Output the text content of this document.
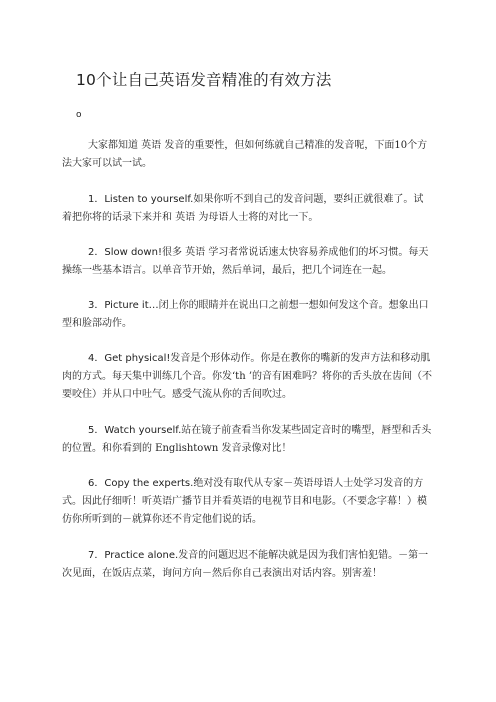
10个让自己英语发音精准的有效方法
o

大家都知道 英语 发音的重要性，但如何练就自己精准的发音呢，下面10个方法大家可以试一试。

1．Listen to yourself.如果你听不到自己的发音问题，要纠正就很难了。试着把你将的话录下来并和 英语 为母语人士将的对比一下。

2．Slow down!很多 英语 学习者常说话速太快容易养成他们的坏习惯。每天操练一些基本语言。以单音节开始，然后单词，最后，把几个词连在一起。

3．Picture it…闭上你的眼睛并在说出口之前想一想如何发这个音。想象出口型和脸部动作。

4．Get physical!发音是个形体动作。你是在教你的嘴新的发声方法和移动肌肉的方式。每天集中训练几个音。你发‘th ’的音有困难吗？将你的舌头放在齿间（不要咬住）并从口中吐气。感受气流从你的舌间吹过。

5．Watch yourself.站在镜子前查看当你发某些固定音时的嘴型，唇型和舌头的位置。和你看到的 Englishtown 发音录像对比！

6．Copy the experts.绝对没有取代从专家－英语母语人士处学习发音的方式。因此仔细听！听英语广播节目并看英语的电视节目和电影。（不要念字幕！）模仿你所听到的－就算你还不肯定他们说的话。

7．Practice alone.发音的问题迟迟不能解决就是因为我们害怕犯错。－第一次见面，在饭店点菜，询问方向－然后你自己表演出对话内容。别害羞！
